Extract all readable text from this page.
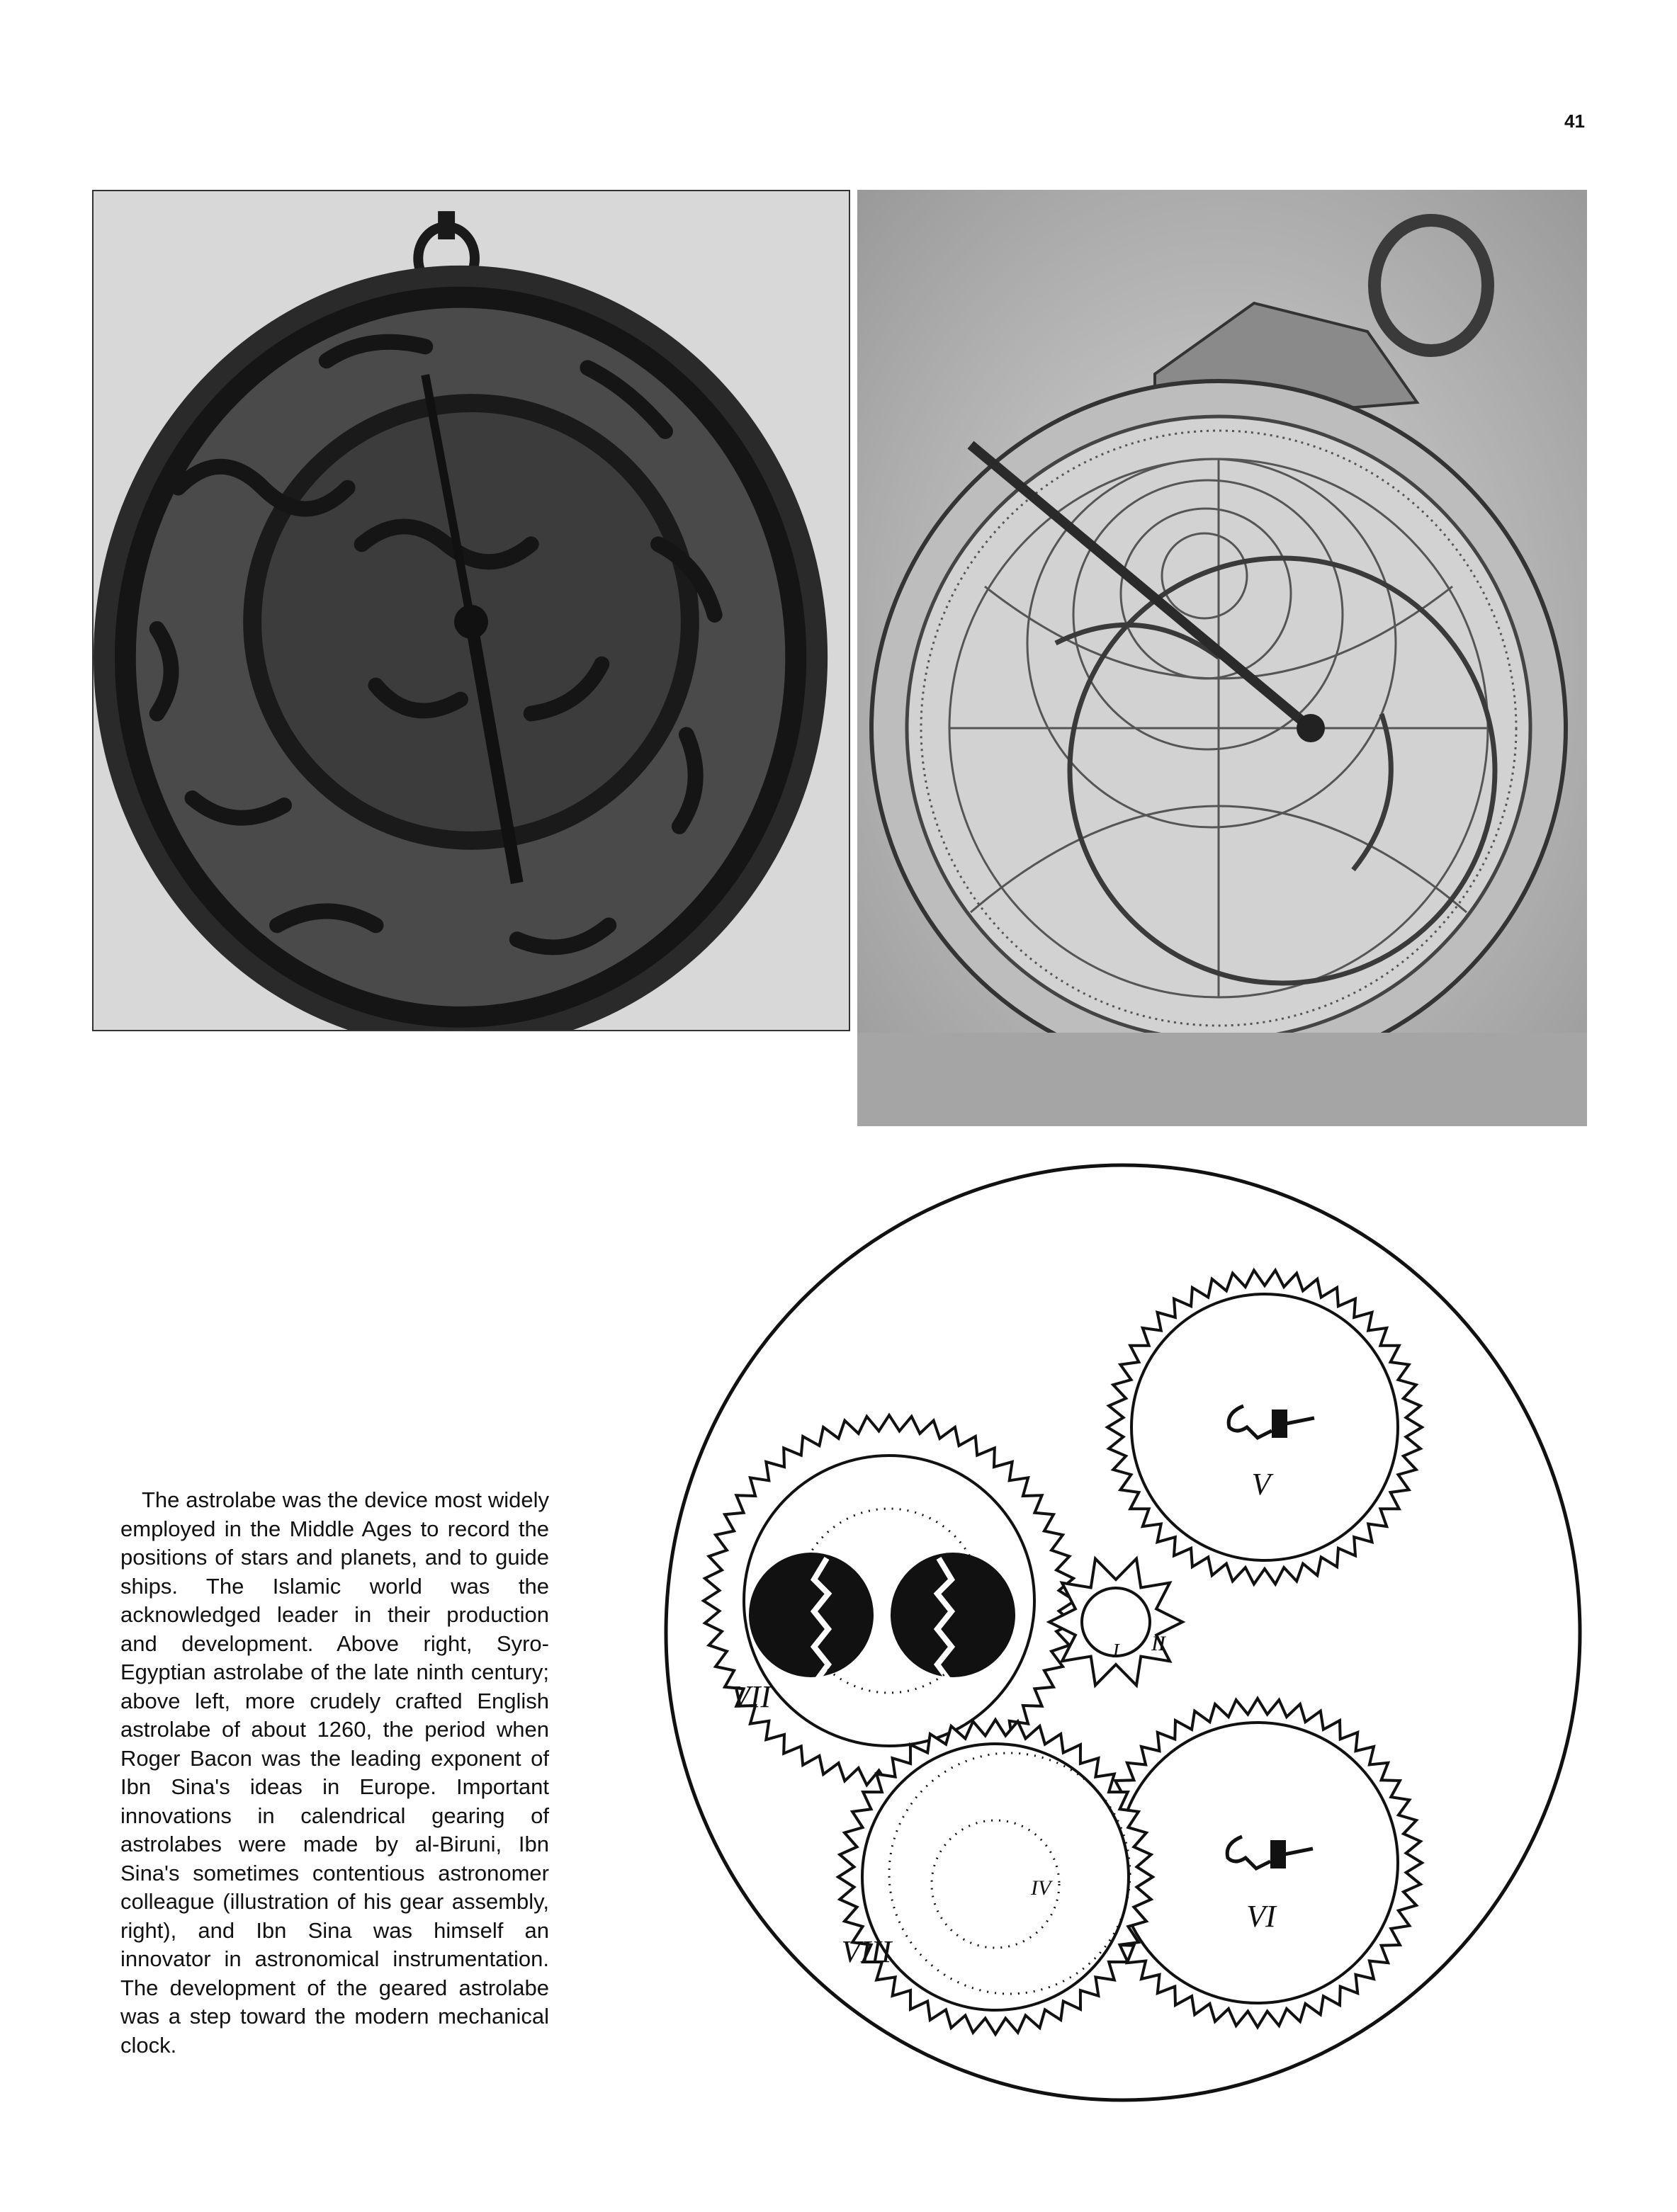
41
V
VI
VII
VIII
I
IV
II

The astrolabe was the device most widely employed in the Middle Ages to record the positions of stars and planets, and to guide ships. The Islamic world was the acknowledged leader in their production and development. Above right, Syro-Egyptian astrolabe of the late ninth century; above left, more crudely crafted English astrolabe of about 1260, the period when Roger Bacon was the leading exponent of Ibn Sina's ideas in Europe. Important innovations in calendrical gearing of astrolabes were made by al-Biruni, Ibn Sina's sometimes contentious astronomer colleague (illustration of his gear assembly, right), and Ibn Sina was himself an innovator in astronomical instrumentation. The development of the geared astrolabe was a step toward the modern mechanical clock.
